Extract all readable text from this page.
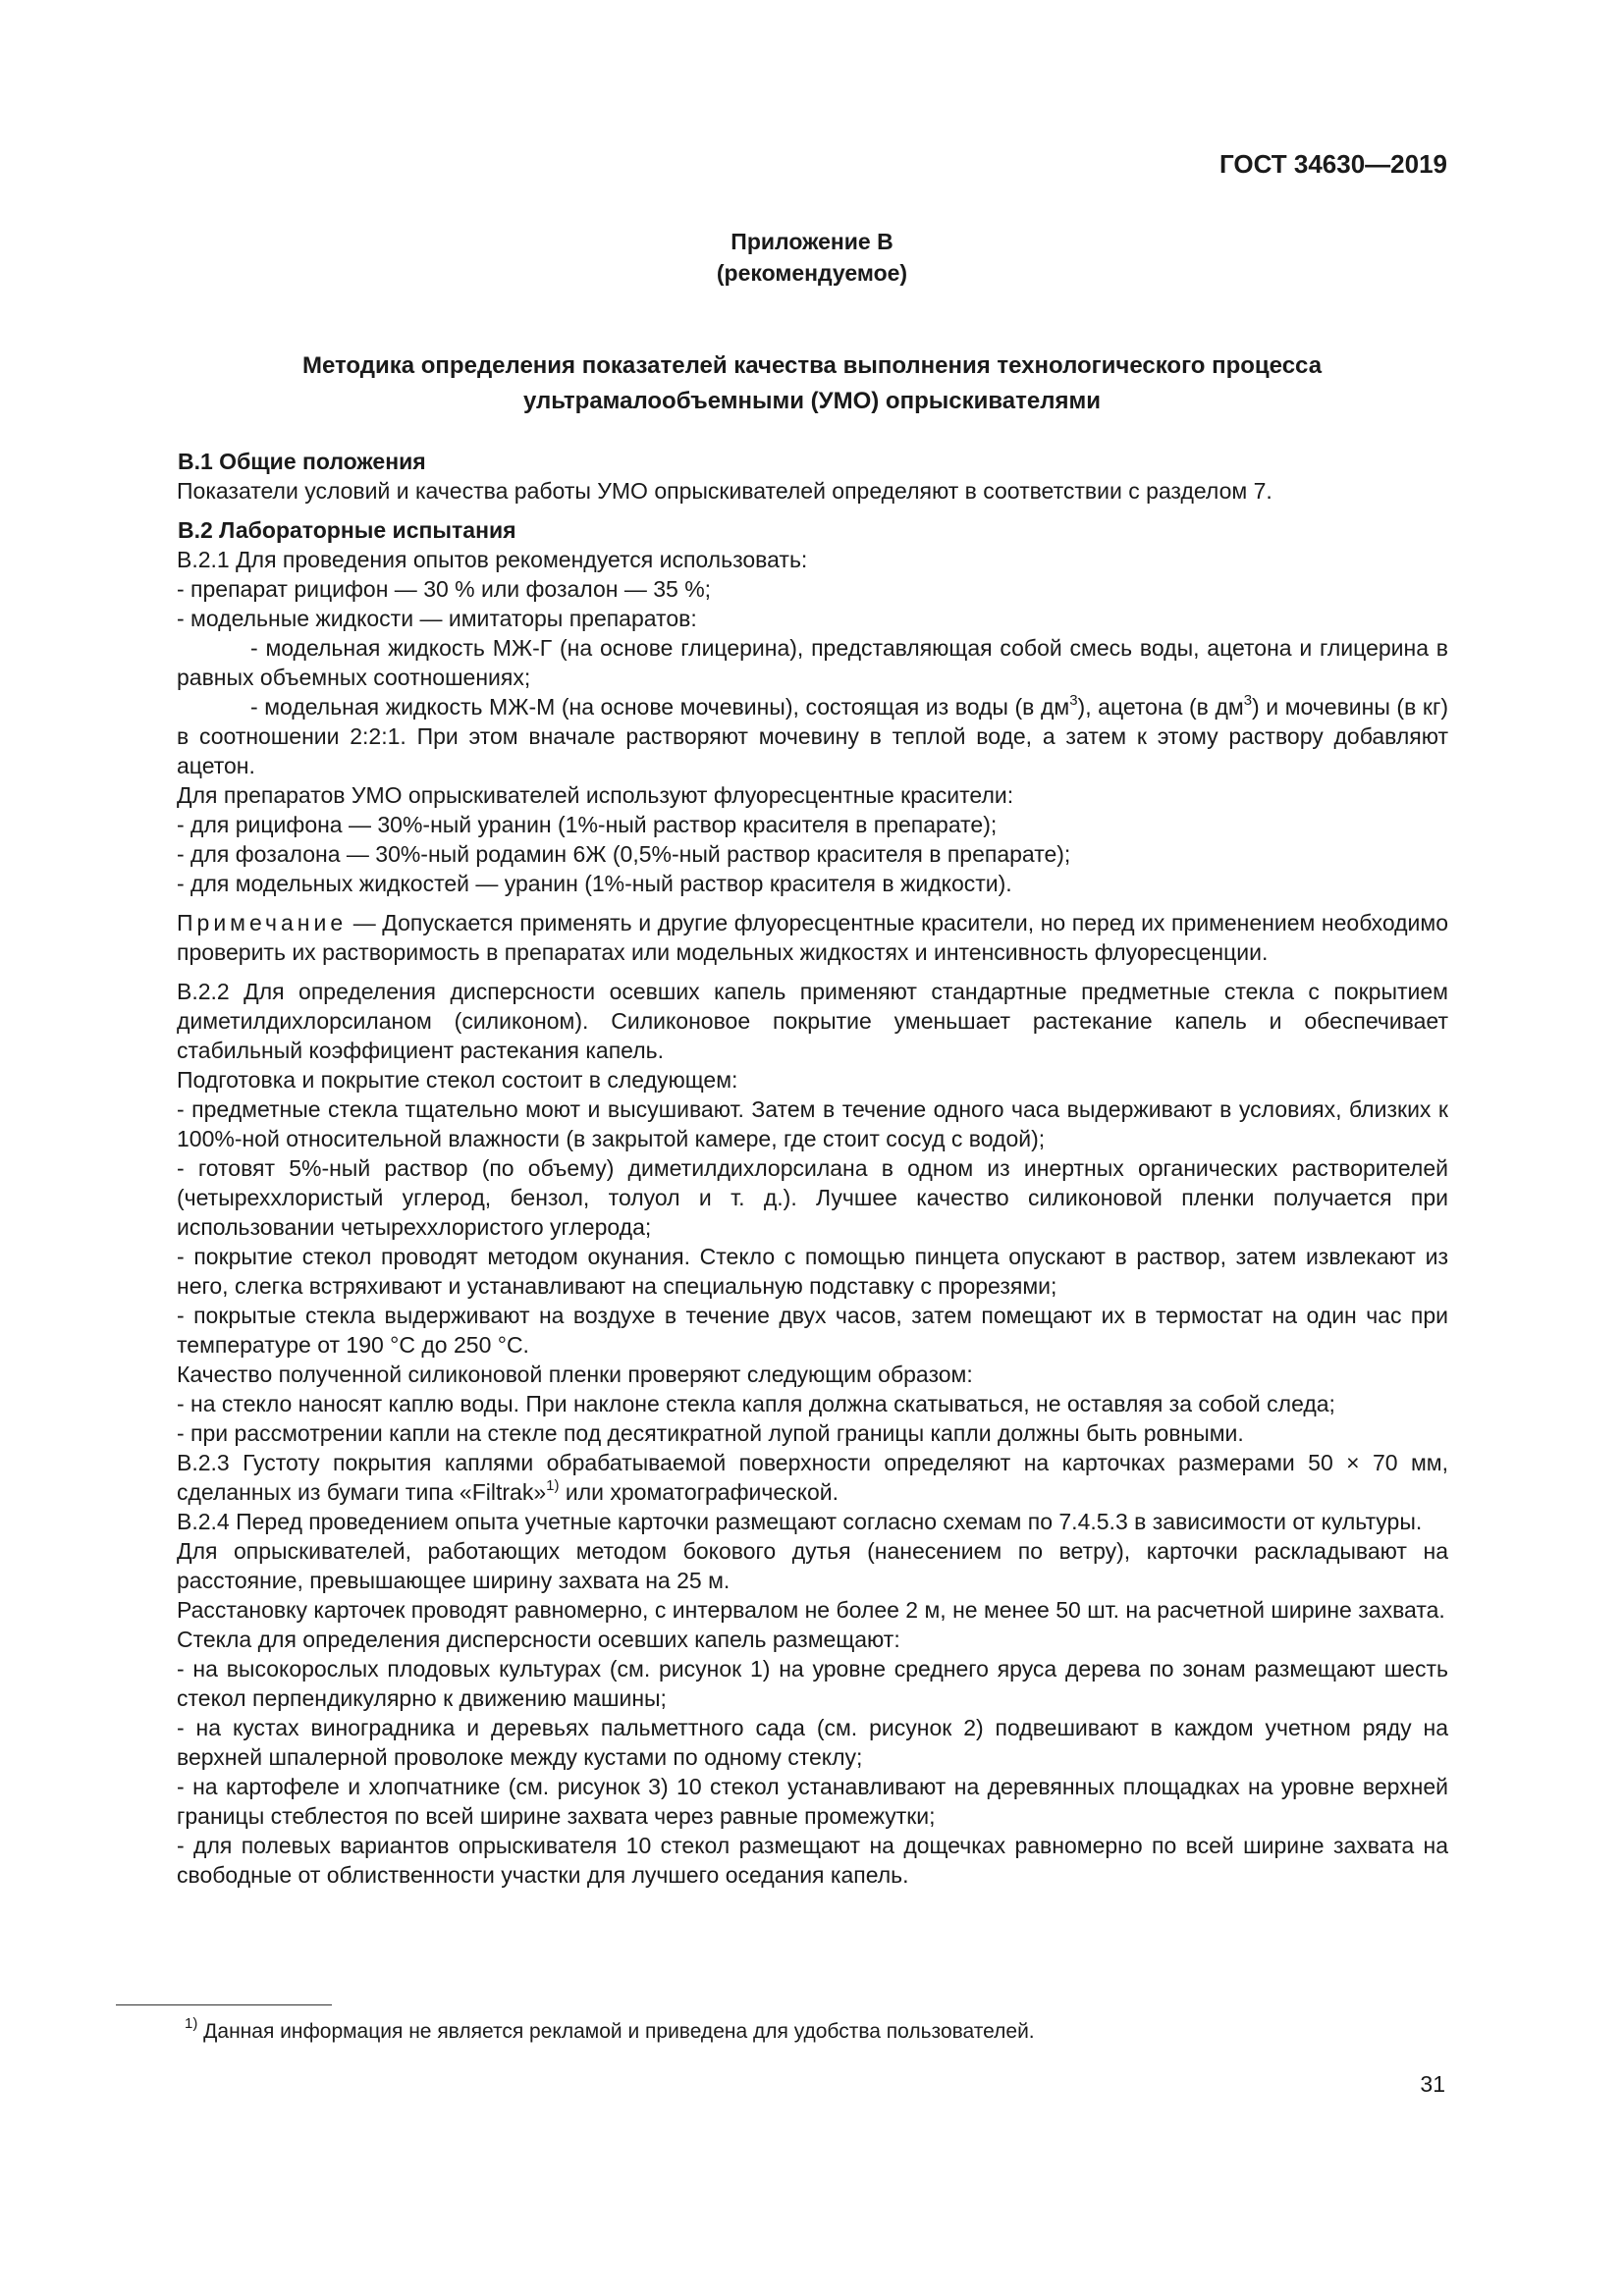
ГОСТ 34630—2019
Приложение В
(рекомендуемое)
Методика определения показателей качества выполнения технологического процесса
ультрамалообъемными (УМО) опрыскивателями
В.1 Общие положения

Показатели условий и качества работы УМО опрыскивателей определяют в соответствии с разделом 7.

В.2 Лабораторные испытания

В.2.1 Для проведения опытов рекомендуется использовать:

- препарат рицифон — 30 % или фозалон — 35 %;

- модельные жидкости — имитаторы препаратов:

- модельная жидкость МЖ-Г (на основе глицерина), представляющая собой смесь воды, ацетона и глицерина в равных объемных соотношениях;

- модельная жидкость МЖ-М (на основе мочевины), состоящая из воды (в $дм^3$), ацетона (в $дм^3$) и мочевины (в кг) в соотношении 2:2:1. При этом вначале растворяют мочевину в теплой воде, а затем к этому раствору добавляют ацетон.

Для препаратов УМО опрыскивателей используют флуоресцентные красители:

- для рицифона — 30%-ный уранин (1%-ный раствор красителя в препарате);

- для фозалона — 30%-ный родамин 6Ж (0,5%-ный раствор красителя в препарате);

- для модельных жидкостей — уранин (1%-ный раствор красителя в жидкости).

Примечание — Допускается применять и другие флуоресцентные красители, но перед их применением необходимо проверить их растворимость в препаратах или модельных жидкостях и интенсивность флуоресценции.

В.2.2 Для определения дисперсности осевших капель применяют стандартные предметные стекла с покрытием диметилдихлорсиланом (силиконом). Силиконовое покрытие уменьшает растекание капель и обеспечивает стабильный коэффициент растекания капель.

Подготовка и покрытие стекол состоит в следующем:

- предметные стекла тщательно моют и высушивают. Затем в течение одного часа выдерживают в условиях, близких к 100%-ной относительной влажности (в закрытой камере, где стоит сосуд с водой);

- готовят 5%-ный раствор (по объему) диметилдихлорсилана в одном из инертных органических растворителей (четыреххлористый углерод, бензол, толуол и т. д.). Лучшее качество силиконовой пленки получается при использовании четыреххлористого углерода;

- покрытие стекол проводят методом окунания. Стекло с помощью пинцета опускают в раствор, затем извлекают из него, слегка встряхивают и устанавливают на специальную подставку с прорезями;

- покрытые стекла выдерживают на воздухе в течение двух часов, затем помещают их в термостат на один час при температуре от 190 °С до 250 °С.

Качество полученной силиконовой пленки проверяют следующим образом:

- на стекло наносят каплю воды. При наклоне стекла капля должна скатываться, не оставляя за собой следа;

- при рассмотрении капли на стекле под десятикратной лупой границы капли должны быть ровными.

В.2.3 Густоту покрытия каплями обрабатываемой поверхности определяют на карточках размерами 50 × 70 мм, сделанных из бумаги типа «Filtrak»$^{1)}$ или хроматографической.

В.2.4 Перед проведением опыта учетные карточки размещают согласно схемам по 7.4.5.3 в зависимости от культуры.

Для опрыскивателей, работающих методом бокового дутья (нанесением по ветру), карточки раскладывают на расстояние, превышающее ширину захвата на 25 м.

Расстановку карточек проводят равномерно, с интервалом не более 2 м, не менее 50 шт. на расчетной ширине захвата.

Стекла для определения дисперсности осевших капель размещают:

- на высокорослых плодовых культурах (см. рисунок 1) на уровне среднего яруса дерева по зонам размещают шесть стекол перпендикулярно к движению машины;

- на кустах виноградника и деревьях пальметтного сада (см. рисунок 2) подвешивают в каждом учетном ряду на верхней шпалерной проволоке между кустами по одному стеклу;

- на картофеле и хлопчатнике (см. рисунок 3) 10 стекол устанавливают на деревянных площадках на уровне верхней границы стеблестоя по всей ширине захвата через равные промежутки;

- для полевых вариантов опрыскивателя 10 стекол размещают на дощечках равномерно по всей ширине захвата на свободные от облиственности участки для лучшего оседания капель.

$^{1)}$ Данная информация не является рекламой и приведена для удобства пользователей.
31
